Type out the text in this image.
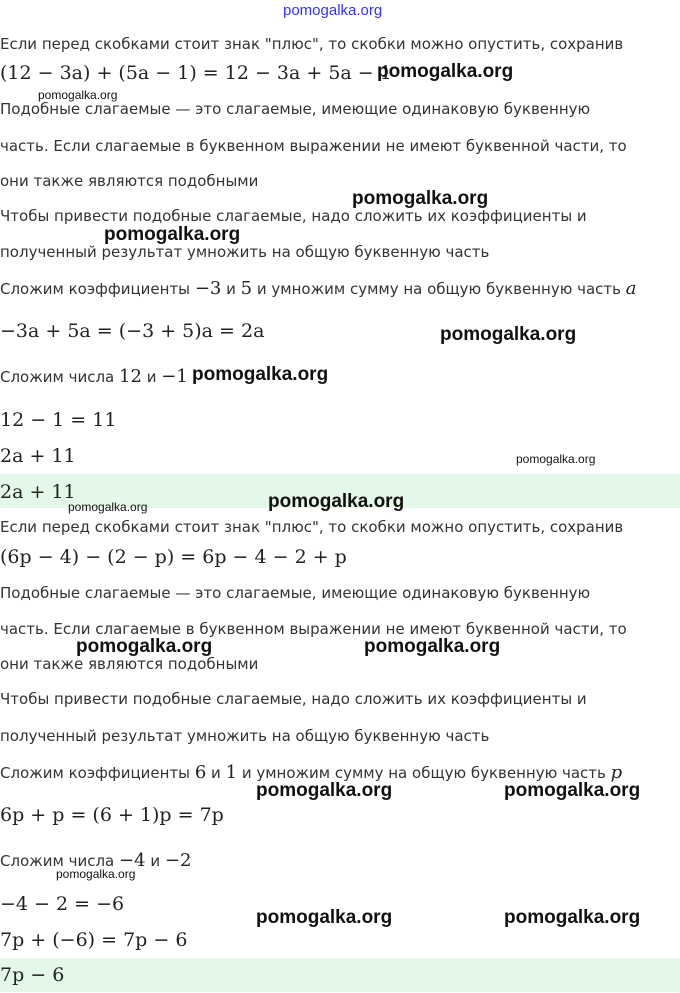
pomogalka.org
Если перед скобками стоит знак "плюс", то скобки можно опустить, сохранив
(12 − 3a) + (5a − 1) = 12 − 3a + 5a − 1
Подобные слагаемые — это слагаемые, имеющие одинаковую буквенную
часть. Если слагаемые в буквенном выражении не имеют буквенной части, то
они также являются подобными
Чтобы привести подобные слагаемые, надо сложить их коэффициенты и
полученный результат умножить на общую буквенную часть
Сложим коэффициенты −3 и 5 и умножим сумму на общую буквенную часть a
−3a + 5a = (−3 + 5)a = 2a
Сложим числа 12 и −1
12 − 1 = 11
2a + 11
2a + 11
Если перед скобками стоит знак "плюс", то скобки можно опустить, сохранив
(6p − 4) − (2 − p) = 6p − 4 − 2 + p
Подобные слагаемые — это слагаемые, имеющие одинаковую буквенную
часть. Если слагаемые в буквенном выражении не имеют буквенной части, то
они также являются подобными
Чтобы привести подобные слагаемые, надо сложить их коэффициенты и
полученный результат умножить на общую буквенную часть
Сложим коэффициенты 6 и 1 и умножим сумму на общую буквенную часть p
6p + p = (6 + 1)p = 7p
Сложим числа −4 и −2
−4 − 2 = −6
7p + (−6) = 7p − 6
7p − 6
pomogalka.org
pomogalka.org
pomogalka.org
pomogalka.org
pomogalka.org
pomogalka.org
pomogalka.org
pomogalka.org	pomogalka.org
pomogalka.org	pomogalka.org
pomogalka.org	pomogalka.org
pomogalka.org
pomogalka.org	pomogalka.org
